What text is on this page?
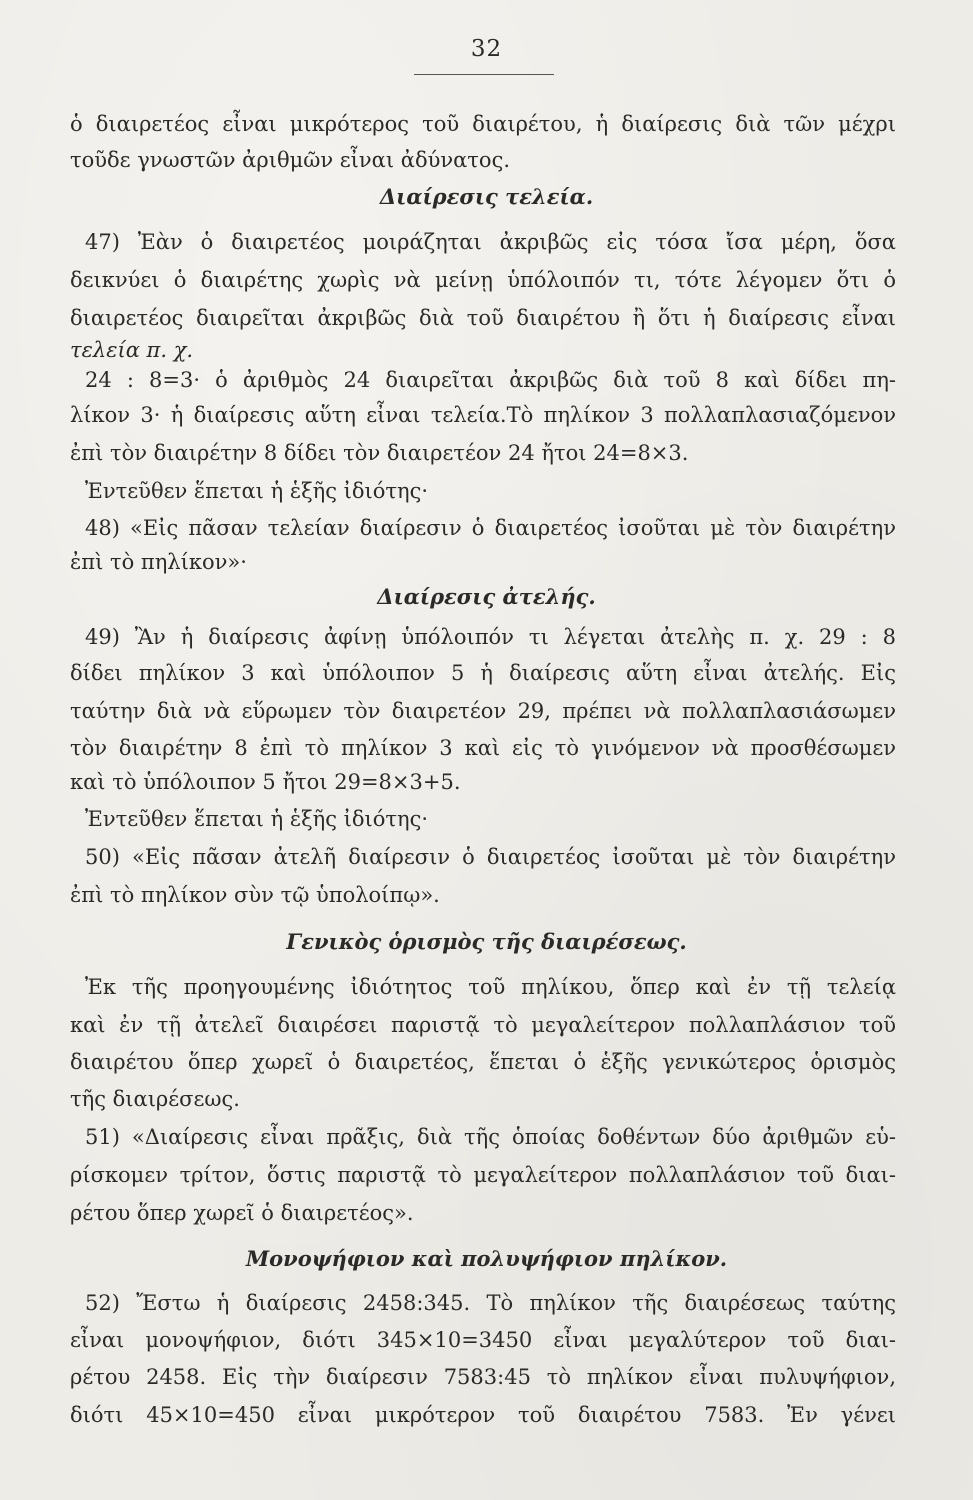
32
ὁ διαιρετέος εἶναι μικρότερος τοῦ διαιρέτου, ἡ διαίρεσις διὰ τῶν μέχρι
τοῦδε γνωστῶν ἀριθμῶν εἶναι ἀδύνατος.
Διαίρεσις τελεία.
47) Ἐὰν ὁ διαιρετέος μοιράζηται ἀκριβῶς εἰς τόσα ἴσα μέρη, ὅσα
δεικνύει ὁ διαιρέτης χωρὶς νὰ μείνῃ ὑπόλοιπόν τι, τότε λέγομεν ὅτι ὁ
διαιρετέος διαιρεῖται ἀκριβῶς διὰ τοῦ διαιρέτου ἢ ὅτι ἡ διαίρεσις εἶναι
τελεία π. χ.
24 : 8=3· ὁ ἀριθμὸς 24 διαιρεῖται ἀκριβῶς διὰ τοῦ 8 καὶ δίδει πη-
λίκον 3· ἡ διαίρεσις αὕτη εἶναι τελεία.Τὸ πηλίκον 3 πολλαπλασιαζόμενον
ἐπὶ τὸν διαιρέτην 8 δίδει τὸν διαιρετέον 24 ἤτοι 24=8×3.
Ἐντεῦθεν ἕπεται ἡ ἑξῆς ἰδιότης·
48) «Εἰς πᾶσαν τελείαν διαίρεσιν ὁ διαιρετέος ἰσοῦται μὲ τὸν διαιρέτην
ἐπὶ τὸ πηλίκον»·
Διαίρεσις ἀτελής.
49) Ἂν ἡ διαίρεσις ἀφίνῃ ὑπόλοιπόν τι λέγεται ἀτελὴς π. χ. 29 : 8
δίδει πηλίκον 3 καὶ ὑπόλοιπον 5 ἡ διαίρεσις αὕτη εἶναι ἀτελής. Εἰς
ταύτην διὰ νὰ εὕρωμεν τὸν διαιρετέον 29, πρέπει νὰ πολλαπλασιάσωμεν
τὸν διαιρέτην 8 ἐπὶ τὸ πηλίκον 3 καὶ εἰς τὸ γινόμενον νὰ προσθέσωμεν
καὶ τὸ ὑπόλοιπον 5 ἤτοι 29=8×3+5.
Ἐντεῦθεν ἕπεται ἡ ἑξῆς ἰδιότης·
50) «Εἰς πᾶσαν ἀτελῆ διαίρεσιν ὁ διαιρετέος ἰσοῦται μὲ τὸν διαιρέτην
ἐπὶ τὸ πηλίκον σὺν τῷ ὑπολοίπῳ».
Γενικὸς ὁρισμὸς τῆς διαιρέσεως.
Ἐκ τῆς προηγουμένης ἰδιότητος τοῦ πηλίκου, ὅπερ καὶ ἐν τῇ τελείᾳ
καὶ ἐν τῇ ἀτελεῖ διαιρέσει παριστᾷ τὸ μεγαλείτερον πολλαπλάσιον τοῦ
διαιρέτου ὅπερ χωρεῖ ὁ διαιρετέος, ἕπεται ὁ ἑξῆς γενικώτερος ὁρισμὸς
τῆς διαιρέσεως.
51) «Διαίρεσις εἶναι πρᾶξις, διὰ τῆς ὁποίας δοθέντων δύο ἀριθμῶν εὑ-
ρίσκομεν τρίτον, ὅστις παριστᾷ τὸ μεγαλείτερον πολλαπλάσιον τοῦ διαι-
ρέτου ὅπερ χωρεῖ ὁ διαιρετέος».
Μονοψήφιον καὶ πολυψήφιον πηλίκον.
52) Ἔστω ἡ διαίρεσις 2458:345. Τὸ πηλίκον τῆς διαιρέσεως ταύτης
εἶναι μονοψήφιον, διότι 345×10=3450 εἶναι μεγαλύτερον τοῦ διαι-
ρέτου 2458. Εἰς τὴν διαίρεσιν 7583:45 τὸ πηλίκον εἶναι πυλυψήφιον,
διότι 45×10=450 εἶναι μικρότερον τοῦ διαιρέτου 7583. Ἐν γένει
